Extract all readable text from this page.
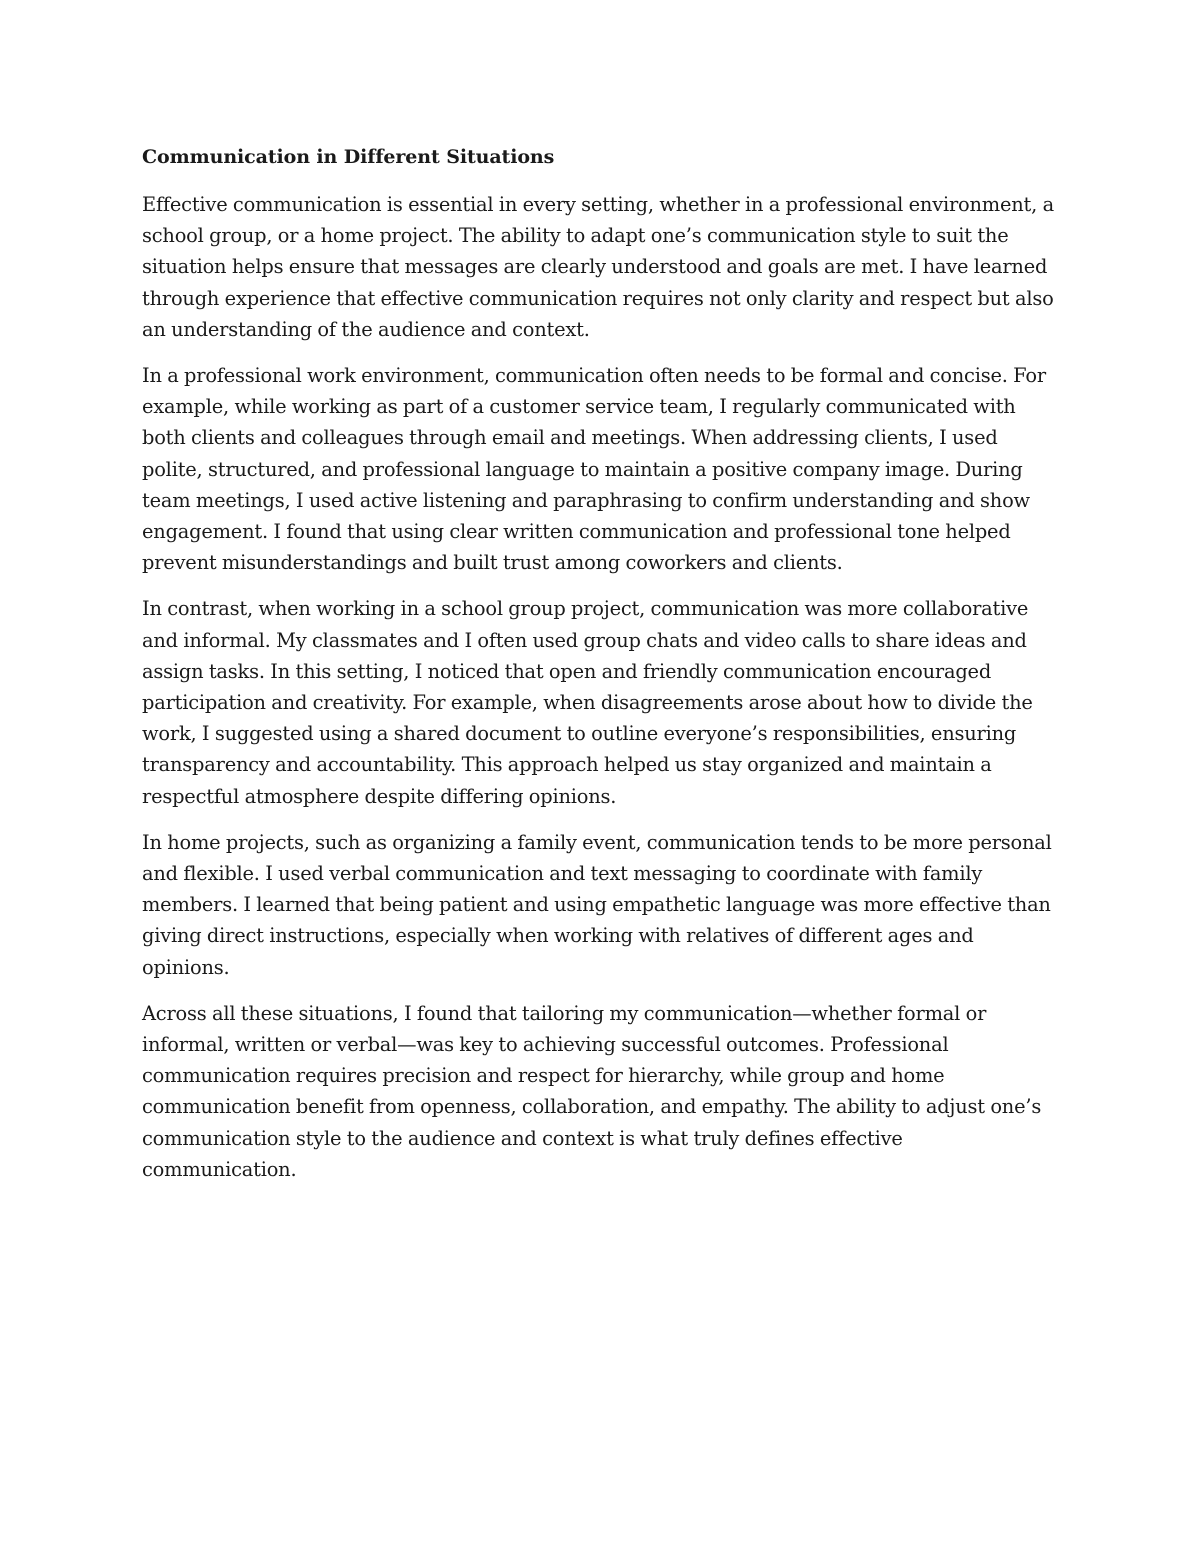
Communication in Different Situations

Effective communication is essential in every setting, whether in a professional environment, a school group, or a home project. The ability to adapt one’s communication style to suit the situation helps ensure that messages are clearly understood and goals are met. I have learned through experience that effective communication requires not only clarity and respect but also an understanding of the audience and context.

In a professional work environment, communication often needs to be formal and concise. For example, while working as part of a customer service team, I regularly communicated with both clients and colleagues through email and meetings. When addressing clients, I used polite, structured, and professional language to maintain a positive company image. During team meetings, I used active listening and paraphrasing to confirm understanding and show engagement. I found that using clear written communication and professional tone helped prevent misunderstandings and built trust among coworkers and clients.

In contrast, when working in a school group project, communication was more collaborative and informal. My classmates and I often used group chats and video calls to share ideas and assign tasks. In this setting, I noticed that open and friendly communication encouraged participation and creativity. For example, when disagreements arose about how to divide the work, I suggested using a shared document to outline everyone’s responsibilities, ensuring transparency and accountability. This approach helped us stay organized and maintain a respectful atmosphere despite differing opinions.

In home projects, such as organizing a family event, communication tends to be more personal and flexible. I used verbal communication and text messaging to coordinate with family members. I learned that being patient and using empathetic language was more effective than giving direct instructions, especially when working with relatives of different ages and opinions.

Across all these situations, I found that tailoring my communication—whether formal or informal, written or verbal—was key to achieving successful outcomes. Professional communication requires precision and respect for hierarchy, while group and home communication benefit from openness, collaboration, and empathy. The ability to adjust one’s communication style to the audience and context is what truly defines effective communication.
